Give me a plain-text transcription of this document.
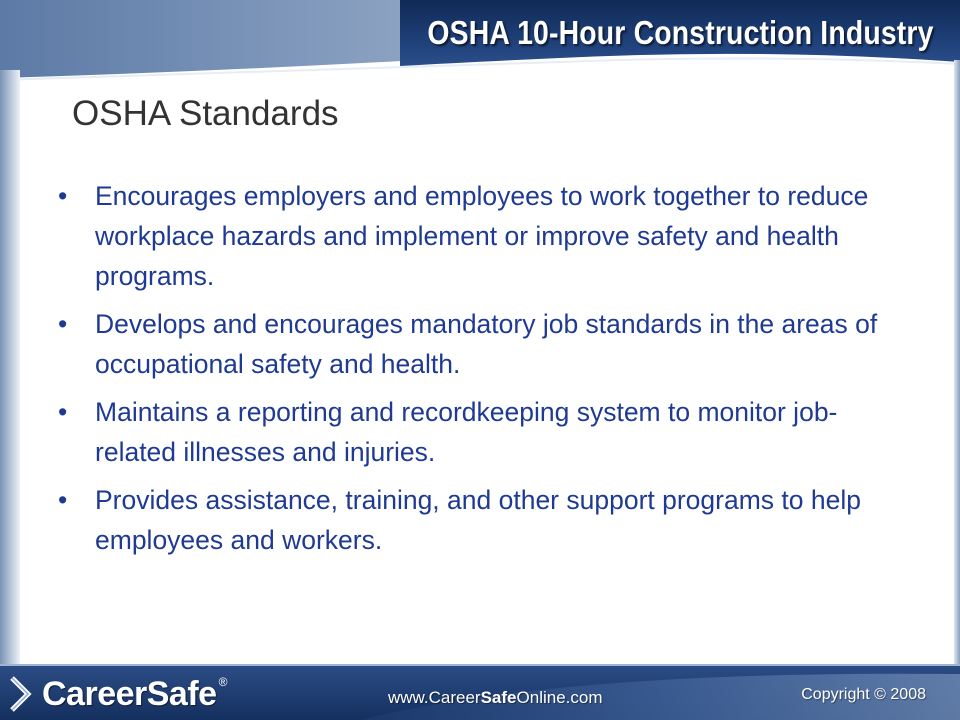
OSHA 10-Hour Construction Industry
OSHA Standards
• Encourages employers and employees to work together to reduce workplace hazards and implement or improve safety and health programs.
• Develops and encourages mandatory job standards in the areas of occupational safety and health.
• Maintains a reporting and recordkeeping system to monitor job-related illnesses and injuries.
• Provides assistance, training, and other support programs to help employees and workers.
CareerSafe ®
www.CareerSafeOnline.com	Copyright © 2008
